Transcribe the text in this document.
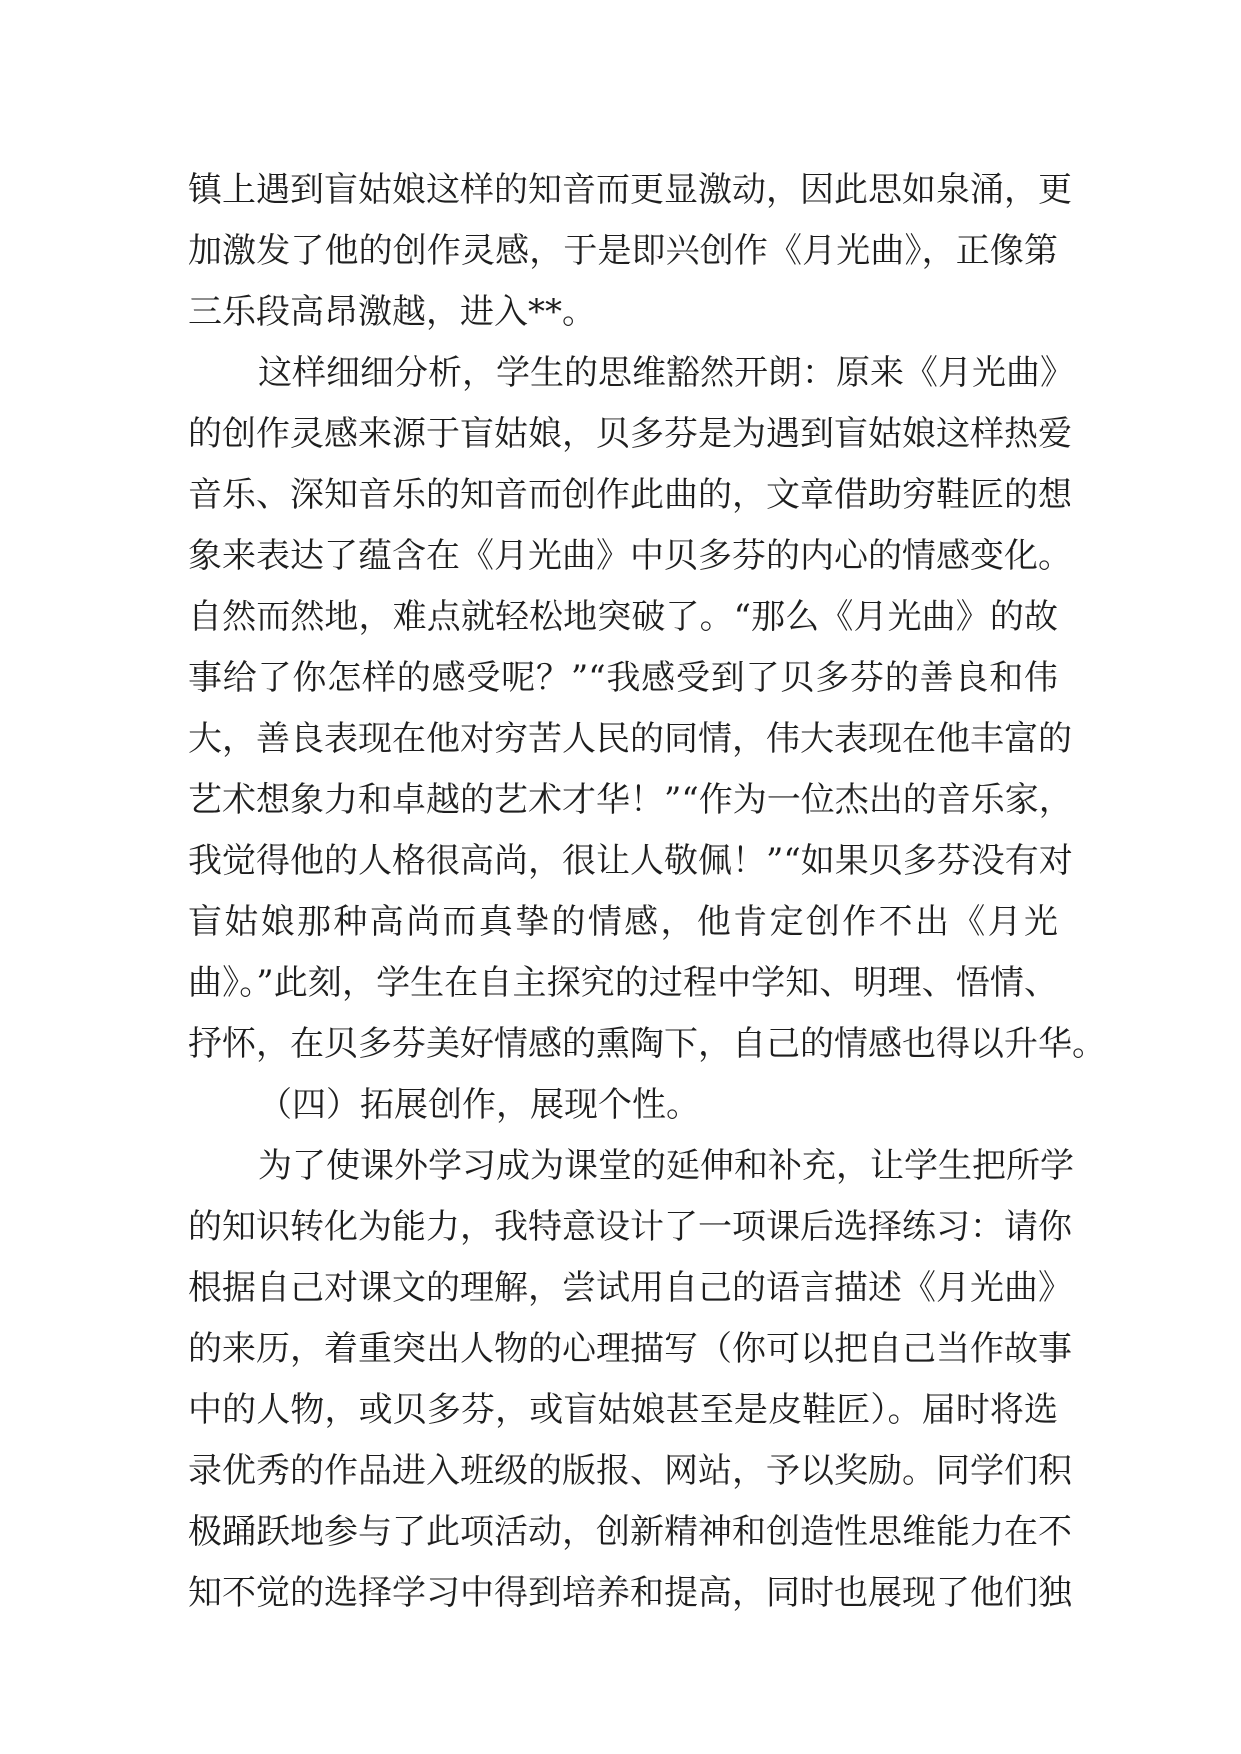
镇上遇到盲姑娘这样的知音而更显激动，因此思如泉涌，更
加激发了他的创作灵感，于是即兴创作《月光曲》，正像第
三乐段高昂激越，进入**。
这样细细分析，学生的思维豁然开朗：原来《月光曲》
的创作灵感来源于盲姑娘，贝多芬是为遇到盲姑娘这样热爱
音乐、深知音乐的知音而创作此曲的，文章借助穷鞋匠的想
象来表达了蕴含在《月光曲》中贝多芬的内心的情感变化。
自然而然地，难点就轻松地突破了。“那么《月光曲》的故
事给了你怎样的感受呢？”“我感受到了贝多芬的善良和伟
大，善良表现在他对穷苦人民的同情，伟大表现在他丰富的
艺术想象力和卓越的艺术才华！”“作为一位杰出的音乐家，
我觉得他的人格很高尚，很让人敬佩！”“如果贝多芬没有对
盲姑娘那种高尚而真挚的情感，他肯定创作不出《月光
曲》。”此刻，学生在自主探究的过程中学知、明理、悟情、
抒怀，在贝多芬美好情感的熏陶下，自己的情感也得以升华。
（四）拓展创作，展现个性。
为了使课外学习成为课堂的延伸和补充，让学生把所学
的知识转化为能力，我特意设计了一项课后选择练习：请你
根据自己对课文的理解，尝试用自己的语言描述《月光曲》
的来历，着重突出人物的心理描写（你可以把自己当作故事
中的人物，或贝多芬，或盲姑娘甚至是皮鞋匠）。届时将选
录优秀的作品进入班级的版报、网站，予以奖励。同学们积
极踊跃地参与了此项活动，创新精神和创造性思维能力在不
知不觉的选择学习中得到培养和提高，同时也展现了他们独
